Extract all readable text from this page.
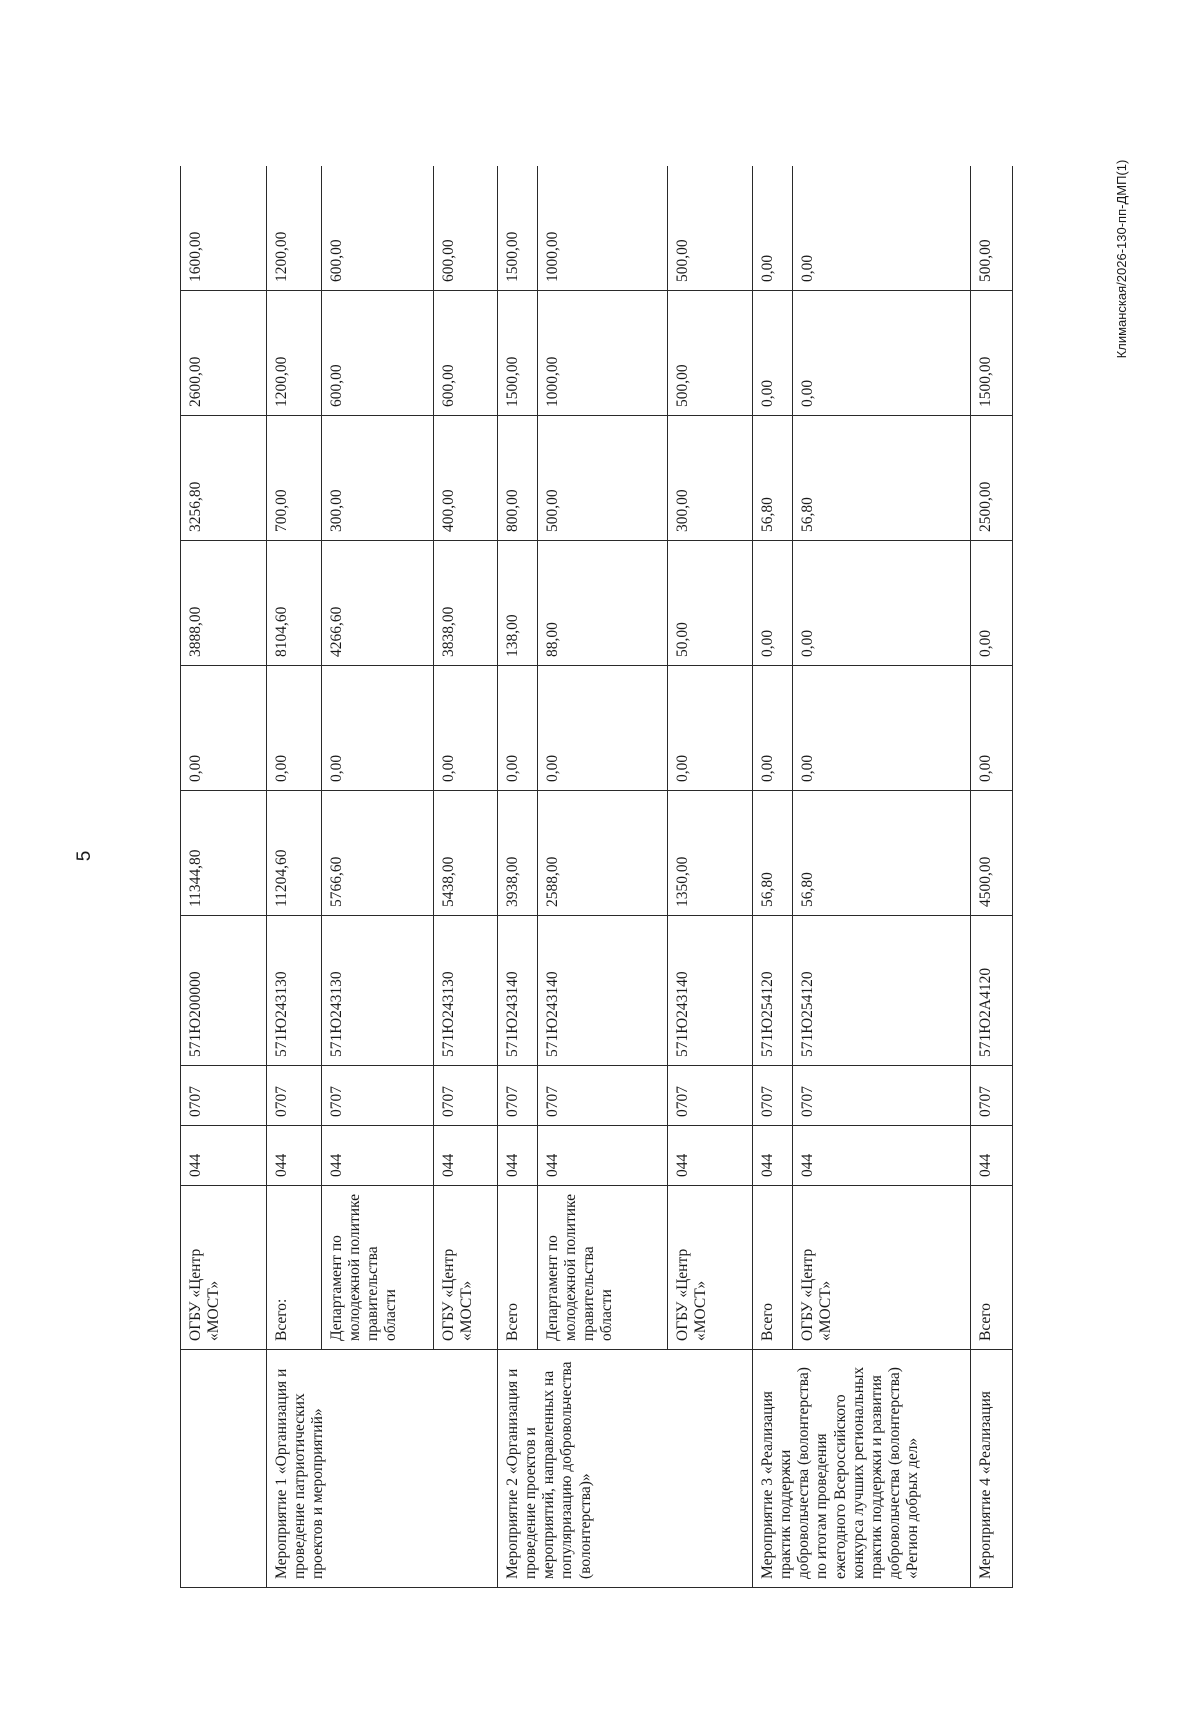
5
Климанская/2026-130-пп-ДМП(1)
	ОГБУ «Центр «МОСТ»	044	0707	571Ю200000	11344,80	0,00	3888,00	3256,80	2600,00	1600,00
Мероприятие 1 «Организация и проведение патриотических проектов и мероприятий»	Всего:	044	0707	571Ю243130	11204,60	0,00	8104,60	700,00	1200,00	1200,00
	Департамент по молодежной политике правительства области	044	0707	571Ю243130	5766,60	0,00	4266,60	300,00	600,00	600,00
	ОГБУ «Центр «МОСТ»	044	0707	571Ю243130	5438,00	0,00	3838,00	400,00	600,00	600,00
Мероприятие 2 «Организация и проведение проектов и мероприятий, направленных на популяризацию добровольчества (волонтерства)»	Всего	044	0707	571Ю243140	3938,00	0,00	138,00	800,00	1500,00	1500,00
	Департамент по молодежной политике правительства области	044	0707	571Ю243140	2588,00	0,00	88,00	500,00	1000,00	1000,00
	ОГБУ «Центр «МОСТ»	044	0707	571Ю243140	1350,00	0,00	50,00	300,00	500,00	500,00
Мероприятие 3 «Реализация практик поддержки добровольчества (волонтерства) по итогам проведения ежегодного Всероссийского конкурса лучших региональных практик поддержки и развития добровольчества (волонтерства) «Регион добрых дел»	Всего	044	0707	571Ю254120	56,80	0,00	0,00	56,80	0,00	0,00
	ОГБУ «Центр «МОСТ»	044	0707	571Ю254120	56,80	0,00	0,00	56,80	0,00	0,00
Мероприятие 4 «Реализация	Всего	044	0707	571Ю2А4120	4500,00	0,00	0,00	2500,00	1500,00	500,00
